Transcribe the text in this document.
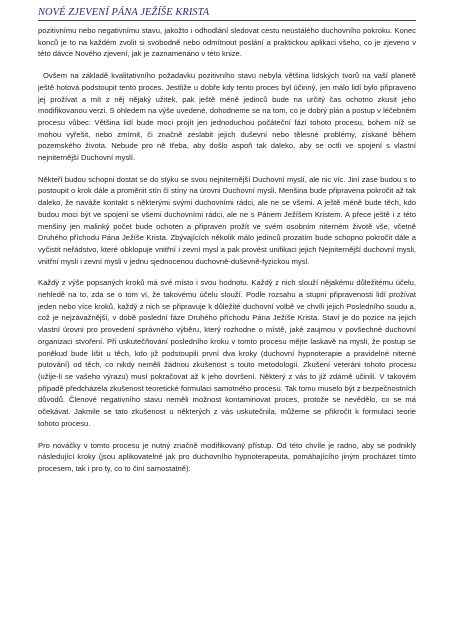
NOVÉ ZJEVENÍ PÁNA JEŽÍŠE KRISTA

pozitivnímu nebo negativnímu stavu, jakožto i odhodlání sledovat cestu neustálého duchovního pokroku. Konec konců je to na každém zvolit si svobodně nebo odmítnout poslání a praktickou aplikaci všeho, co je zjeveno v této dávce Nového zjevení, jak je zaznamenáno v této knize.

Ovšem na základě kvalitativního požadavku pozitivního stavu nebyla většina lidských tvorů na vaší planetě ještě hotová podstoupit tento proces. Jestliže u dobře kdy tento proces byl účinný, jen málo lidí bylo připraveno jej prožívat a mít z něj nějaký užitek, pak ještě méně jedinců bude na určitý čas ochotno zkusit jeho modifikovanou verzi. S ohledem na výše uvedené, dohodneme se na tom, co je dobrý plán a postup v léčebném procesu vůbec: Většina lidí bude moci projít jen jednoduchou počáteční fází tohoto procesu, bohem níž se mohou vyřešit, nebo zmírnit, či značně zeslabit jejich duševní nebo tělesné problémy, získané během pozemského života. Nebude pro ně třeba, aby došlo aspoň tak daleko, aby se octli ve spojení s vlastní nejniternější Duchovní myslí.

Někteří budou schopni dostat se do styku se svou nejniternější Duchovní myslí, ale nic víc. Jiní zase budou s to postoupit o krok dále a proměnit stín či stíny na úrovni Duchovní mysli. Menšina bude připravena pokročit až tak daleko, že naváže kontakt s některými svými duchovními rádci, ale ne se všemi. A ještě méně bude těch, kdo budou moci být ve spojení se všemi duchovními rádci, ale ne s Pánem Ježíšem Kristem. A přece ještě i z této menšiny jen malinký počet bude ochoten a připraven prožít ve svém osobním niterném životě vše, včetně Druhého příchodu Pána Ježíše Krista. Zbývajících několik málo jedinců prozatím bude schopno pokročit dále a vyčistit neřádstvo, které obklopuje vnitřní i zevní mysl a pak provést unifikaci jejich Nejniternější duchovní mysli, vnitřní mysli i zevní mysli v jednu sjednocenou duchovně-duševně-fyzickou mysl.

Každý z výše popsaných kroků má své místo i svou hodnotu. Každý z nich slouží nějakému důležitému účelu, nehledě na to, zda se o tom ví, že takovému účelu slouží. Podle rozsahu a stupni připravenosti lidí prožívat jeden nebo více kroků, každý z nich se připravuje k důležité duchovní volbě ve chvíli jejich Posledního soudu a, což je nejzávažnější, v době poslední fáze Druhého příchodu Pána Ježíše Krista. Staví je do pozice na jejich vlastní úrovni pro provedení správného výběru, který rozhodne o místě, jaké zaujmou v povšechné duchovní organizaci stvoření. Při uskutečňování posledního kroku v tomto procesu mějte laskavě na mysli, že postup se poněkud bude lišit u těch, kdo již podstoupili první dva kroky (duchovní hypnoterapie a pravidelné niterné putování) od těch, co nikdy neměli žádnou zkušenost s touto metodologií. Zkušení veteráni tohoto procesu (užije-li se vašeho výrazu) musí pokračovat až k jeho dovršení. Některý z vás to již zdárně učinili. V takovém případě předcházela zkušenost teoretické formulaci samotného procesu. Tak tomu muselo být z bezpečnostních důvodů. Členové negativního stavu neměli možnost kontaminovat proces, protože se nevědělo, co se má očekávat. Jakmile se tato zkušenost u některých z vás uskutečnila, můžeme se přikročit k formulaci teorie tohoto procesu.

Pro nováčky v tomto procesu je nutný značně modifikovaný přístup. Od této chvíle je radno, aby se podnikly následující kroky (jsou aplikovatelné jak pro duchovního hypnoterapeuta, pomáhajícího jiným procházet tímto procesem, tak i pro ty, co to činí samostatně):
